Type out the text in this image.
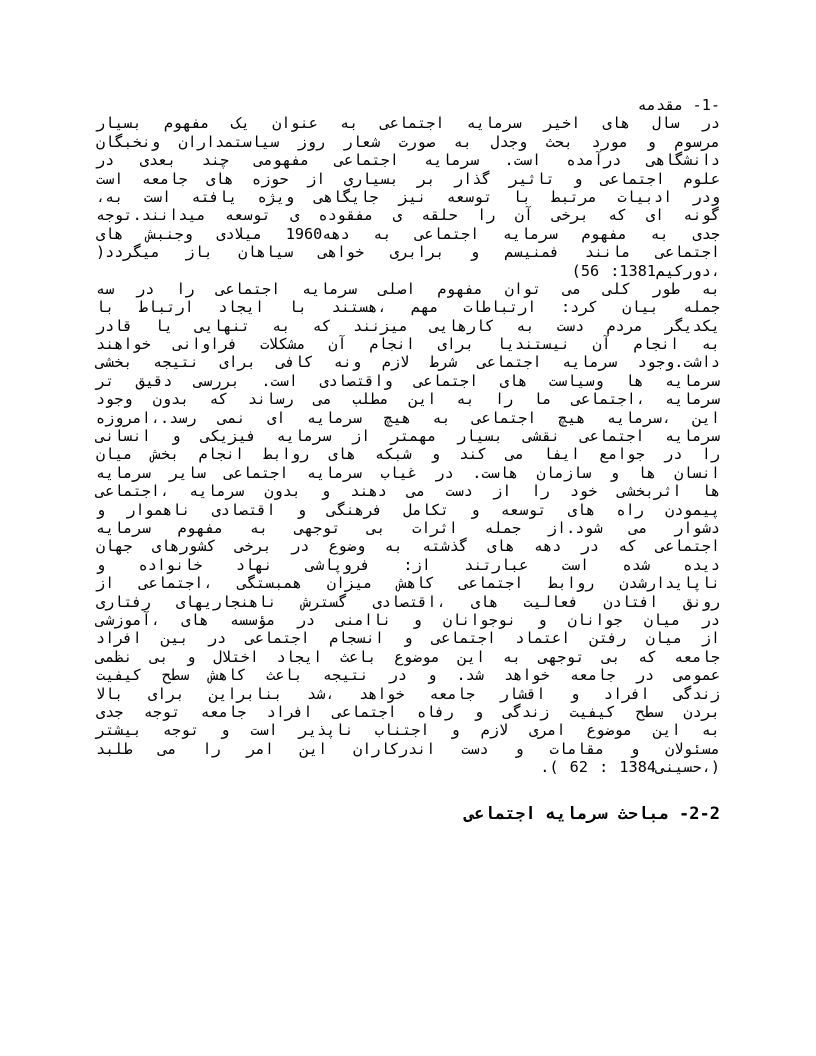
-1- مقدمه
در سال های اخیر سرمایه اجتماعی به عنوان یک مفهوم بسیار
مرسوم و مورد بحث وجدل به صورت شعار روز سیاستمداران ونخبگان
دانشگاهی درآمده است. سرمایه اجتماعی مفهومی چند بعدی در
علوم اجتماعی و تاثیر گذار بر بسیاری از حوزه های جامعه است
ودر ادبیات مرتبط با توسعه نیز جایگاهی ویژه یافته است به،
گونه ای که برخی آن را حلقه ی مفقوده ی توسعه میدانند.توجه
جدی به مفهوم سرمایه اجتماعی به دهه1960 میلادی وجنبش های
اجتماعی مانند فمنیسم و برابری خواهی سیاهان باز میگردد(
،دورکیم1381: 56)
به طور کلی می توان مفهوم اصلی سرمایه اجتماعی را در سه
جمله بیان کرد: ارتباطات مهم ،هستند با ایجاد ارتباط با
یکدیگر مردم دست به کارهایی میزنند که به تنهایی یا قادر
به انجام آن نیستندیا برای انجام آن مشکلات فراوانی خواهند
داشت.وجود سرمایه اجتماعی شرط لازم ونه کافی برای نتیجه بخشی
سرمایه ها وسیاست های اجتماعی واقتصادی است. بررسی دقیق تر
سرمایه ،اجتماعی ما را به این مطلب می رساند که بدون وجود
این ،سرمایه هیچ اجتماعی به هیچ سرمایه ای نمی رسد.،امروزه
سرمایه اجتماعی نقشی بسیار مهمتر از سرمایه فیزیکی و انسانی
را در جوامع ایفا می کند و شبکه های روابط انجام بخش میان
انسان ها و سازمان هاست. در غیاب سرمایه اجتماعی سایر سرمایه
ها اثربخشی خود را از دست می دهند و بدون سرمایه ،اجتماعی
پیمودن راه های توسعه و تکامل فرهنگی و اقتصادی ناهموار و
دشوار می شود.از جمله اثرات بی توجهی به مفهوم سرمایه
اجتماعی که در دهه های گذشته به وضوع در برخی کشورهای جهان
دیده شده است عبارتند از: فروپاشی نهاد خانواده و
ناپایدارشدن روابط اجتماعی کاهش میزان همبستگی ،اجتماعی از
رونق افتادن فعالیت های ،اقتصادی گسترش ناهنجاریهای رفتاری
در میان جوانان و نوجوانان و ناامنی در مؤسسه های ،آموزشی
از میان رفتن اعتماد اجتماعی و انسجام اجتماعی در بین افراد
جامعه که بی توجهی به این موضوع باعث ایجاد اختلال و بی نظمی
عمومی در جامعه خواهد شد. و در نتیجه باعث کاهش سطح کیفیت
زندگی افراد و اقشار جامعه خواهد ،شد بنابراین برای بالا
بردن سطح کیفیت زندگی و رفاه اجتماعی افراد جامعه توجه جدی
به این موضوع امری لازم و اجتناب ناپذیر است و توجه بیشتر
مسئولان و مقامات و دست اندرکاران این امر را می طلبد
(،حسینی1384 : 62 ).
2-2- مباحث سرمایه اجتماعی
